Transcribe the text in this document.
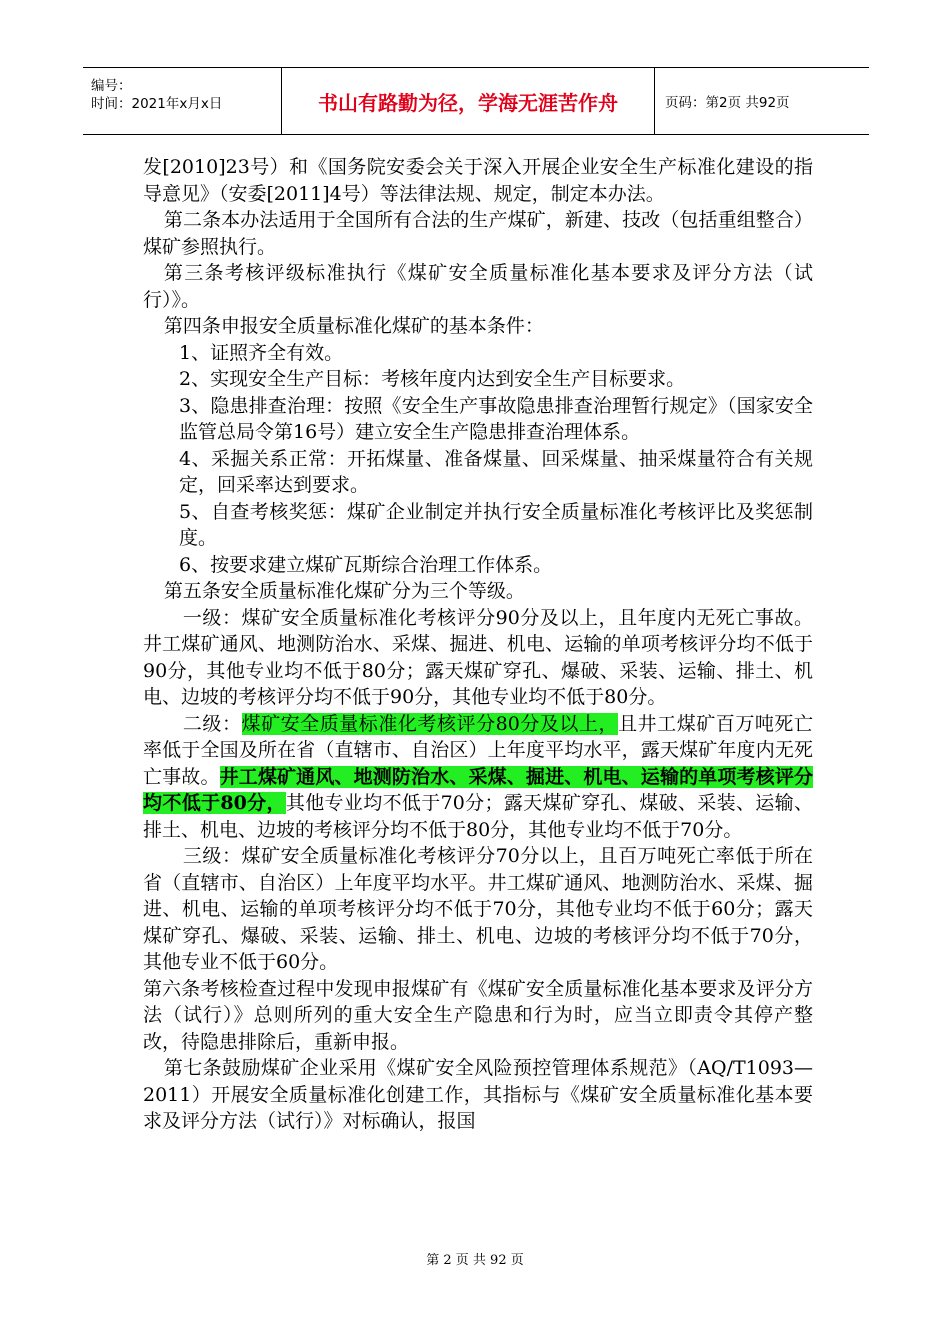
编号：
时间：2021年x月x日	书山有路勤为径，学海无涯苦作舟	页码：第2页 共92页

发[2010]23号）和《国务院安委会关于深入开展企业安全生产标准化建设的指导意见》（安委[2011]4号）等法律法规、规定，制定本办法。

第二条本办法适用于全国所有合法的生产煤矿，新建、技改（包括重组整合）煤矿参照执行。

第三条考核评级标准执行《煤矿安全质量标准化基本要求及评分方法（试行）》。

第四条申报安全质量标准化煤矿的基本条件：

1、证照齐全有效。

2、实现安全生产目标：考核年度内达到安全生产目标要求。

3、隐患排查治理：按照《安全生产事故隐患排查治理暂行规定》（国家安全监管总局令第16号）建立安全生产隐患排查治理体系。

4、采掘关系正常：开拓煤量、准备煤量、回采煤量、抽采煤量符合有关规定，回采率达到要求。

5、自查考核奖惩：煤矿企业制定并执行安全质量标准化考核评比及奖惩制度。

6、按要求建立煤矿瓦斯综合治理工作体系。

第五条安全质量标准化煤矿分为三个等级。

一级：煤矿安全质量标准化考核评分90分及以上，且年度内无死亡事故。井工煤矿通风、地测防治水、采煤、掘进、机电、运输的单项考核评分均不低于90分，其他专业均不低于80分；露天煤矿穿孔、爆破、采装、运输、排土、机电、边坡的考核评分均不低于90分，其他专业均不低于80分。

二级：煤矿安全质量标准化考核评分80分及以上，且井工煤矿百万吨死亡率低于全国及所在省（直辖市、自治区）上年度平均水平，露天煤矿年度内无死亡事故。井工煤矿通风、地测防治水、采煤、掘进、机电、运输的单项考核评分均不低于80分，其他专业均不低于70分；露天煤矿穿孔、煤破、采装、运输、排土、机电、边坡的考核评分均不低于80分，其他专业均不低于70分。

三级：煤矿安全质量标准化考核评分70分以上，且百万吨死亡率低于所在省（直辖市、自治区）上年度平均水平。井工煤矿通风、地测防治水、采煤、掘进、机电、运输的单项考核评分均不低于70分，其他专业均不低于60分；露天煤矿穿孔、爆破、采装、运输、排土、机电、边坡的考核评分均不低于70分，其他专业不低于60分。

第六条考核检查过程中发现申报煤矿有《煤矿安全质量标准化基本要求及评分方法（试行）》总则所列的重大安全生产隐患和行为时，应当立即责令其停产整改，待隐患排除后，重新申报。

第七条鼓励煤矿企业采用《煤矿安全风险预控管理体系规范》（AQ/T1093—2011）开展安全质量标准化创建工作，其指标与《煤矿安全质量标准化基本要求及评分方法（试行）》对标确认，报国

第 2 页 共 92 页
